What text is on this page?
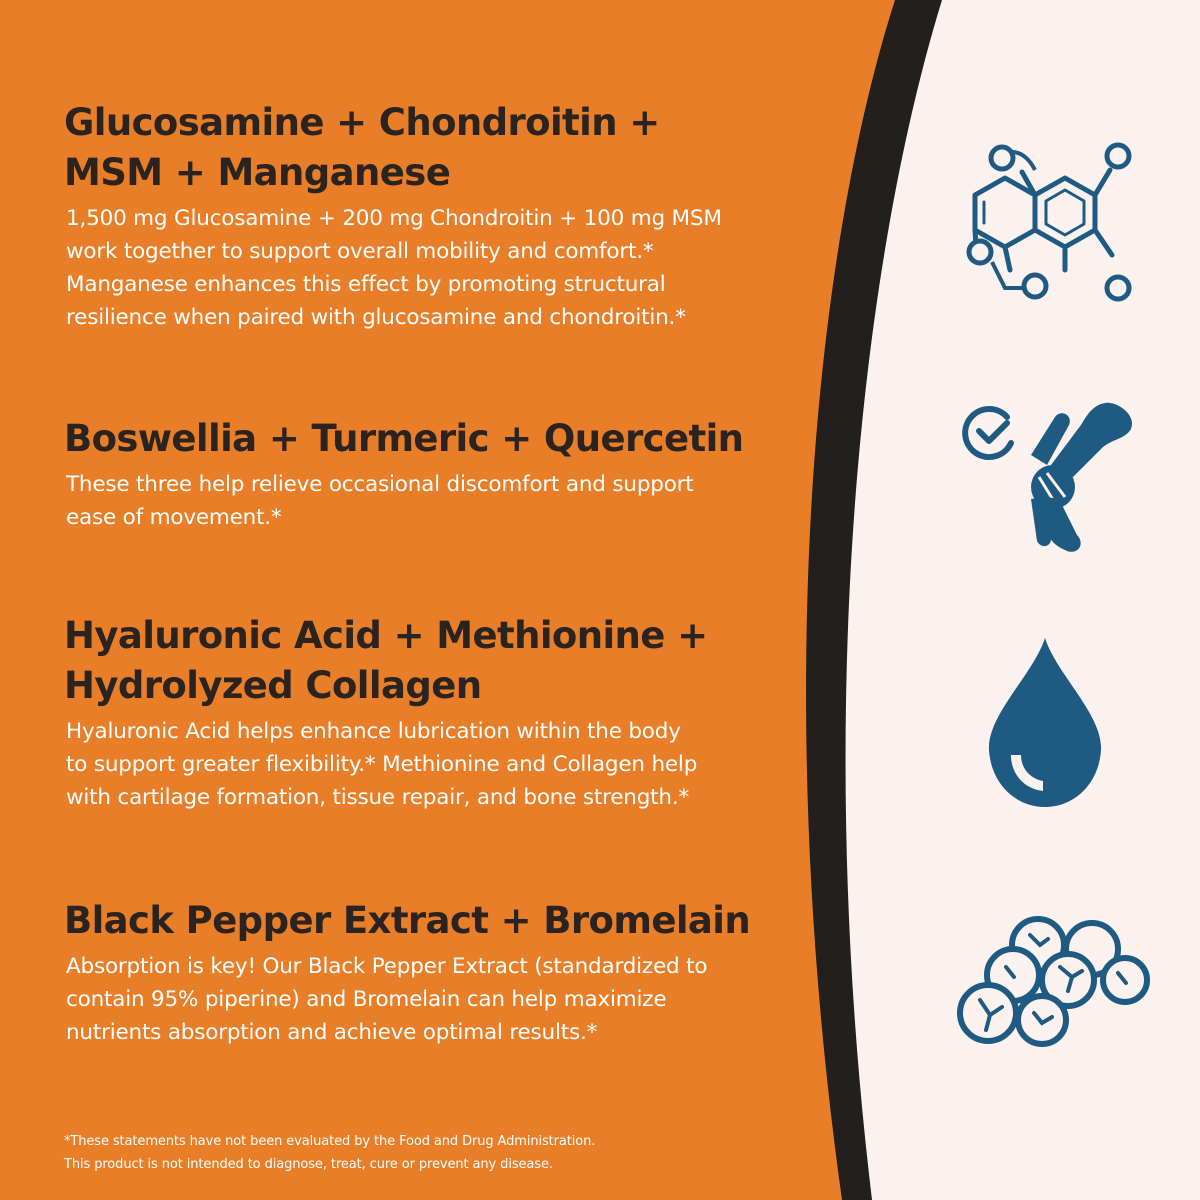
Glucosamine + Chondroitin +
MSM + Manganese

1,500 mg Glucosamine + 200 mg Chondroitin + 100 mg MSM
work together to support overall mobility and comfort.*
Manganese enhances this effect by promoting structural
resilience when paired with glucosamine and chondroitin.*

Boswellia + Turmeric + Quercetin

These three help relieve occasional discomfort and support
ease of movement.*

Hyaluronic Acid + Methionine +
Hydrolyzed Collagen

Hyaluronic Acid helps enhance lubrication within the body
to support greater flexibility.* Methionine and Collagen help
with cartilage formation, tissue repair, and bone strength.*

Black Pepper Extract + Bromelain

Absorption is key! Our Black Pepper Extract (standardized to
contain 95% piperine) and Bromelain can help maximize
nutrients absorption and achieve optimal results.*

*These statements have not been evaluated by the Food and Drug Administration.
This product is not intended to diagnose, treat, cure or prevent any disease.
